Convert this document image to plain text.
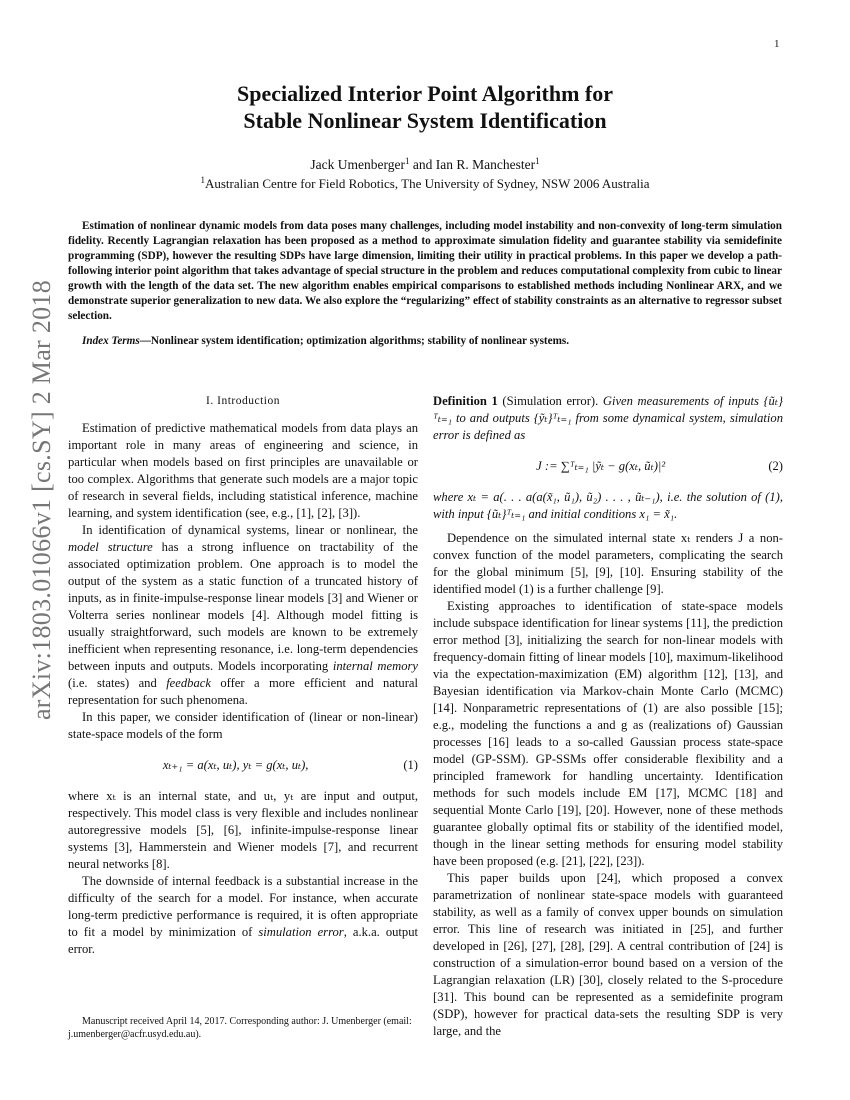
1
arXiv:1803.01066v1 [cs.SY] 2 Mar 2018
Specialized Interior Point Algorithm for
Stable Nonlinear System Identification
Jack Umenberger$^1$ and Ian R. Manchester$^1$
$^1$Australian Centre for Field Robotics, The University of Sydney, NSW 2006 Australia

Estimation of nonlinear dynamic models from data poses many challenges, including model instability and non-convexity of long-term simulation fidelity. Recently Lagrangian relaxation has been proposed as a method to approximate simulation fidelity and guarantee stability via semidefinite programming (SDP), however the resulting SDPs have large dimension, limiting their utility in practical problems. In this paper we develop a path-following interior point algorithm that takes advantage of special structure in the problem and reduces computational complexity from cubic to linear growth with the length of the data set. The new algorithm enables empirical comparisons to established methods including Nonlinear ARX, and we demonstrate superior generalization to new data. We also explore the “regularizing” effect of stability constraints as an alternative to regressor subset selection.

Index Terms—Nonlinear system identification; optimization algorithms; stability of nonlinear systems.
I. Introduction

Estimation of predictive mathematical models from data plays an important role in many areas of engineering and science, in particular when models based on first principles are unavailable or too complex. Algorithms that generate such models are a major topic of research in several fields, including statistical inference, machine learning, and system identification (see, e.g., [1], [2], [3]).

In identification of dynamical systems, linear or nonlinear, the model structure has a strong influence on tractability of the associated optimization problem. One approach is to model the output of the system as a static function of a truncated history of inputs, as in finite-impulse-response linear models [3] and Wiener or Volterra series nonlinear models [4]. Although model fitting is usually straightforward, such models are known to be extremely inefficient when representing resonance, i.e. long-term dependencies between inputs and outputs. Models incorporating internal memory (i.e. states) and feedback offer a more efficient and natural representation for such phenomena.

In this paper, we consider identification of (linear or non-linear) state-space models of the form

xₜ₊₁ = a(xₜ, uₜ), yₜ = g(xₜ, uₜ),	(1)

where xₜ is an internal state, and uₜ, yₜ are input and output, respectively. This model class is very flexible and includes nonlinear autoregressive models [5], [6], infinite-impulse-response linear systems [3], Hammerstein and Wiener models [7], and recurrent neural networks [8].

The downside of internal feedback is a substantial increase in the difficulty of the search for a model. For instance, when accurate long-term predictive performance is required, it is often appropriate to fit a model by minimization of simulation error, a.k.a. output error.

Manuscript received April 14, 2017. Corresponding author: J. Umenberger (email: j.umenberger@acfr.usyd.edu.au).

Definition 1 (Simulation error). Given measurements of inputs {ũₜ}ᵀₜ₌₁ to and outputs {ỹₜ}ᵀₜ₌₁ from some dynamical system, simulation error is defined as

J := ∑ᵀₜ₌₁ |ỹₜ − g(xₜ, ũₜ)|²	(2)

where xₜ = a(. . . a(a(x̃₁, ũ₁), ũ₂) . . . , ũₜ₋₁), i.e. the solution of (1), with input {ũₜ}ᵀₜ₌₁ and initial conditions x₁ = x̃₁.

Dependence on the simulated internal state xₜ renders J a non-convex function of the model parameters, complicating the search for the global minimum [5], [9], [10]. Ensuring stability of the identified model (1) is a further challenge [9].

Existing approaches to identification of state-space models include subspace identification for linear systems [11], the prediction error method [3], initializing the search for non-linear models with frequency-domain fitting of linear models [10], maximum-likelihood via the expectation-maximization (EM) algorithm [12], [13], and Bayesian identification via Markov-chain Monte Carlo (MCMC) [14]. Nonparametric representations of (1) are also possible [15]; e.g., modeling the functions a and g as (realizations of) Gaussian processes [16] leads to a so-called Gaussian process state-space model (GP-SSM). GP-SSMs offer considerable flexibility and a principled framework for handling uncertainty. Identification methods for such models include EM [17], MCMC [18] and sequential Monte Carlo [19], [20]. However, none of these methods guarantee globally optimal fits or stability of the identified model, though in the linear setting methods for ensuring model stability have been proposed (e.g. [21], [22], [23]).

This paper builds upon [24], which proposed a convex parametrization of nonlinear state-space models with guaranteed stability, as well as a family of convex upper bounds on simulation error. This line of research was initiated in [25], and further developed in [26], [27], [28], [29]. A central contribution of [24] is construction of a simulation-error bound based on a version of the Lagrangian relaxation (LR) [30], closely related to the S-procedure [31]. This bound can be represented as a semidefinite program (SDP), however for practical data-sets the resulting SDP is very large, and the
